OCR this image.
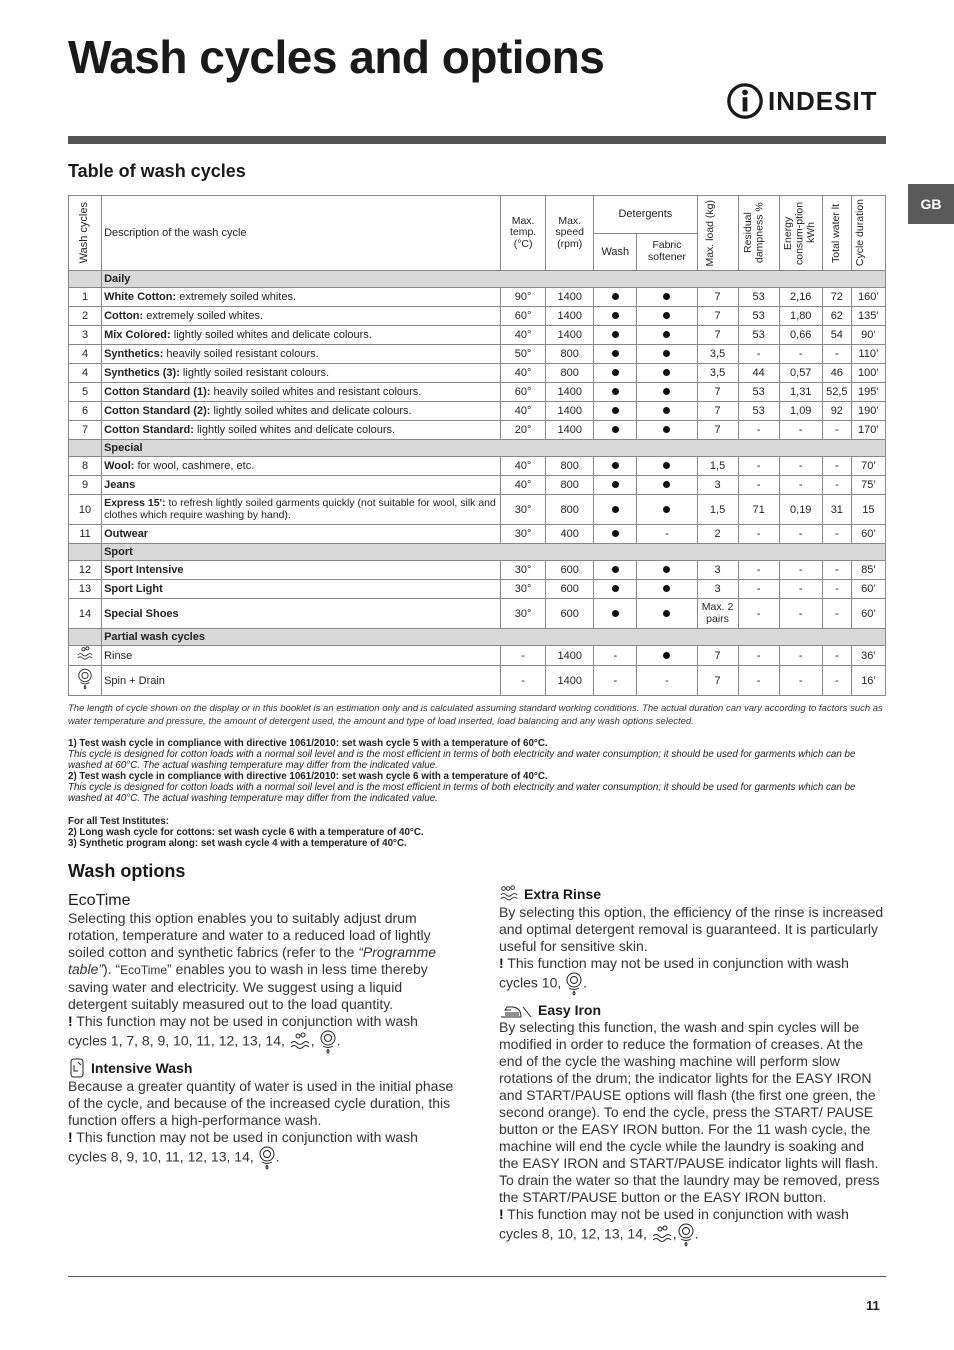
Wash cycles and options
INDESIT
GB
Table of wash cycles
Wash cycles	Description of the wash cycle	Max. temp. (°C)	Max. speed (rpm)	Detergents		Max. load (kg)	Residual dampness %	Energy consum-ption kWh	Total water lt	Cycle duration

				Wash	Fabric softener					
	Daily									
1	White Cotton: extremely soiled whites.	90°	1400			7	53	2,16	72	160’
2	Cotton: extremely soiled whites.	60°	1400			7	53	1,80	62	135’
3	Mix Colored: lightly soiled whites and delicate colours.	40°	1400			7	53	0,66	54	90’
4	Synthetics: heavily soiled resistant colours.	50°	800			3,5	-	-	-	110’
4	Synthetics (3): lightly soiled resistant colours.	40°	800			3,5	44	0,57	46	100’
5	Cotton Standard (1): heavily soiled whites and resistant colours.	60°	1400			7	53	1,31	52,5	195’
6	Cotton Standard (2): lightly soiled whites and delicate colours.	40°	1400			7	53	1,09	92	190’
7	Cotton Standard: lightly soiled whites and delicate colours.	20°	1400			7	-	-	-	170’
	Special									
8	Wool: for wool, cashmere, etc.	40°	800			1,5	-	-	-	70’
9	Jeans	40°	800			3	-	-	-	75’
10	Express 15': to refresh lightly soiled garments quickly (not suitable for wool, silk and clothes which require washing by hand).	30°	800			1,5	71	0,19	31	15
11	Outwear	30°	400		-	2	-	-	-	60’
	Sport									
12	Sport Intensive	30°	600			3	-	-	-	85’
13	Sport Light	30°	600			3	-	-	-	60’
14	Special Shoes	30°	600			Max. 2 pairs	-	-	-	60’
	Partial wash cycles									
	Rinse	-	1400	-		7	-	-	-	36’
	Spin + Drain	-	1400	-	-	7	-	-	-	16’
The length of cycle shown on the display or in this booklet is an estimation only and is calculated assuming standard working conditions. The actual duration can vary according to factors such as water temperature and pressure, the amount of detergent used, the amount and type of load inserted, load balancing and any wash options selected.
1) Test wash cycle in compliance with directive 1061/2010: set wash cycle 5 with a temperature of 60°C.
This cycle is designed for cotton loads with a normal soil level and is the most efficient in terms of both electricity and water consumption; it should be used for garments which can be washed at 60°C. The actual washing temperature may differ from the indicated value.
2) Test wash cycle in compliance with directive 1061/2010: set wash cycle 6 with a temperature of 40°C.
This cycle is designed for cotton loads with a normal soil level and is the most efficient in terms of both electricity and water consumption; it should be used for garments which can be washed at 40°C. The actual washing temperature may differ from the indicated value.
For all Test Institutes:
2) Long wash cycle for cottons: set wash cycle 6 with a temperature of 40°C.
3) Synthetic program along: set wash cycle 4 with a temperature of 40°C.
Wash options
EcoTime

Selecting this option enables you to suitably adjust drum rotation, temperature and water to a reduced load of lightly soiled cotton and synthetic fabrics (refer to the “Programme table”). “EcoTime” enables you to wash in less time thereby saving water and electricity. We suggest using a liquid detergent suitably measured out to the load quantity.

! This function may not be used in conjunction with wash cycles 1, 7, 8, 9, 10, 11, 12, 13, 14, , .

Intensive Wash

Because a greater quantity of water is used in the initial phase of the cycle, and because of the increased cycle duration, this function offers a high-performance wash.

! This function may not be used in conjunction with wash cycles 8, 9, 10, 11, 12, 13, 14, .

Extra Rinse

By selecting this option, the efficiency of the rinse is increased and optimal detergent removal is guaranteed. It is particularly useful for sensitive skin.

! This function may not be used in conjunction with wash cycles 10, .

Easy Iron

By selecting this function, the wash and spin cycles will be modified in order to reduce the formation of creases. At the end of the cycle the washing machine will perform slow rotations of the drum; the indicator lights for the EASY IRON and START/PAUSE options will flash (the first one green, the second orange). To end the cycle, press the START/ PAUSE button or the EASY IRON button. For the 11 wash cycle, the machine will end the cycle while the laundry is soaking and the EASY IRON and START/PAUSE indicator lights will flash. To drain the water so that the laundry may be removed, press the START/PAUSE button or the EASY IRON button.

! This function may not be used in conjunction with wash cycles 8, 10, 12, 13, 14, , .

11
